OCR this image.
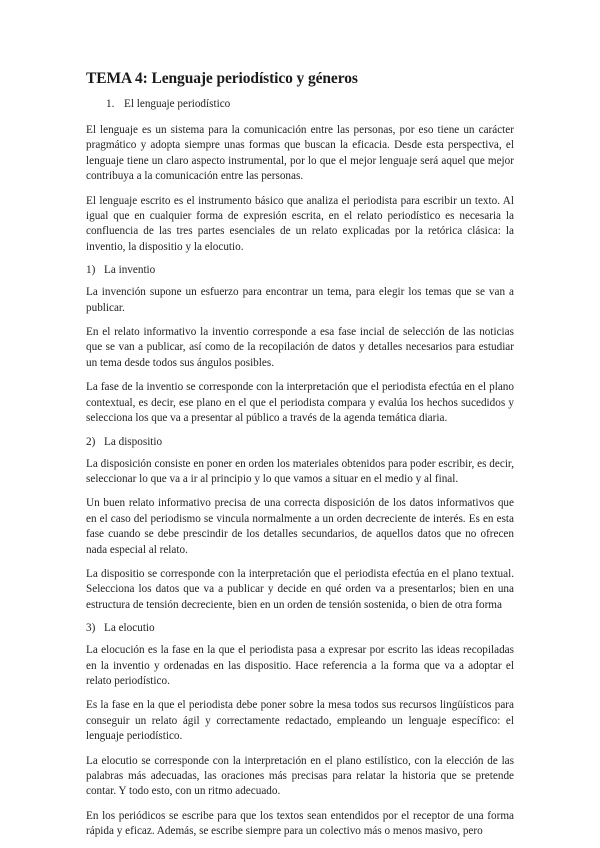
TEMA 4: Lenguaje periodístico y géneros
1. El lenguaje periodístico

El lenguaje es un sistema para la comunicación entre las personas, por eso tiene un carácter pragmático y adopta siempre unas formas que buscan la eficacia. Desde esta perspectiva, el lenguaje tiene un claro aspecto instrumental, por lo que el mejor lenguaje será aquel que mejor contribuya a la comunicación entre las personas.

El lenguaje escrito es el instrumento básico que analiza el periodista para escribir un texto. Al igual que en cualquier forma de expresión escrita, en el relato periodístico es necesaria la confluencia de las tres partes esenciales de un relato explicadas por la retórica clásica: la inventio, la dispositio y la elocutio.

1) La inventio

La invención supone un esfuerzo para encontrar un tema, para elegir los temas que se van a publicar.

En el relato informativo la inventio corresponde a esa fase incial de selección de las noticias que se van a publicar, así como de la recopilación de datos y detalles necesarios para estudiar un tema desde todos sus ángulos posibles.

La fase de la inventio se corresponde con la interpretación que el periodista efectúa en el plano contextual, es decir, ese plano en el que el periodista compara y evalúa los hechos sucedidos y selecciona los que va a presentar al público a través de la agenda temática diaria.

2) La dispositio

La disposición consiste en poner en orden los materiales obtenidos para poder escribir, es decir, seleccionar lo que va a ir al principio y lo que vamos a situar en el medio y al final.

Un buen relato informativo precisa de una correcta disposición de los datos informativos que en el caso del periodismo se vincula normalmente a un orden decreciente de interés. Es en esta fase cuando se debe prescindir de los detalles secundarios, de aquellos datos que no ofrecen nada especial al relato.

La dispositio se corresponde con la interpretación que el periodista efectúa en el plano textual. Selecciona los datos que va a publicar y decide en qué orden va a presentarlos; bien en una estructura de tensión decreciente, bien en un orden de tensión sostenida, o bien de otra forma

3) La elocutio

La elocución es la fase en la que el periodista pasa a expresar por escrito las ideas recopiladas en la inventio y ordenadas en las dispositio. Hace referencia a la forma que va a adoptar el relato periodístico.

Es la fase en la que el periodista debe poner sobre la mesa todos sus recursos lingüísticos para conseguir un relato ágil y correctamente redactado, empleando un lenguaje específico: el lenguaje periodístico.

La elocutio se corresponde con la interpretación en el plano estilístico, con la elección de las palabras más adecuadas, las oraciones más precisas para relatar la historia que se pretende contar. Y todo esto, con un ritmo adecuado.

En los periódicos se escribe para que los textos sean entendidos por el receptor de una forma rápida y eficaz. Además, se escribe siempre para un colectivo más o menos masivo, pero
